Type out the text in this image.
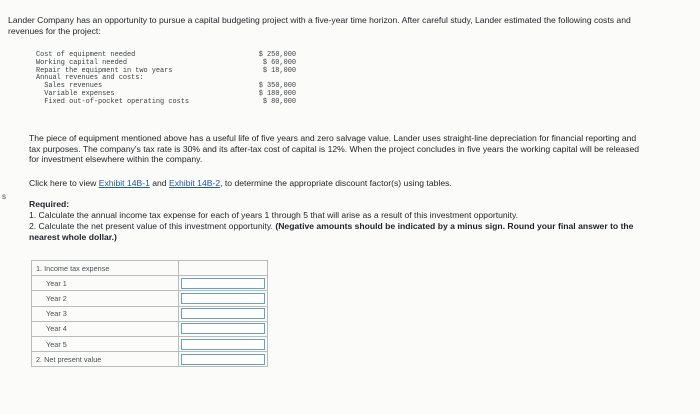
Lander Company has an opportunity to pursue a capital budgeting project with a five-year time horizon. After careful study, Lander estimated the following costs and revenues for the project:

Cost of equipment needed	$ 250,000
Working capital needed	$ 60,000
Repair the equipment in two years	$ 18,000
Annual revenues and costs:
Sales revenues	$ 350,000
Variable expenses	$ 180,000
Fixed out-of-pocket operating costs	$ 80,000

The piece of equipment mentioned above has a useful life of five years and zero salvage value. Lander uses straight-line depreciation for financial reporting and tax purposes. The company's tax rate is 30% and its after-tax cost of capital is 12%. When the project concludes in five years the working capital will be released for investment elsewhere within the company.

Click here to view Exhibit 14B-1 and Exhibit 14B-2, to determine the appropriate discount factor(s) using tables.

s

Required:

1. Calculate the annual income tax expense for each of years 1 through 5 that will arise as a result of this investment opportunity.

2. Calculate the net present value of this investment opportunity. (Negative amounts should be indicated by a minus sign. Round your final answer to the nearest whole dollar.)

1. Income tax expense	
Year 1	
Year 2	
Year 3	
Year 4	
Year 5	
2. Net present value	
